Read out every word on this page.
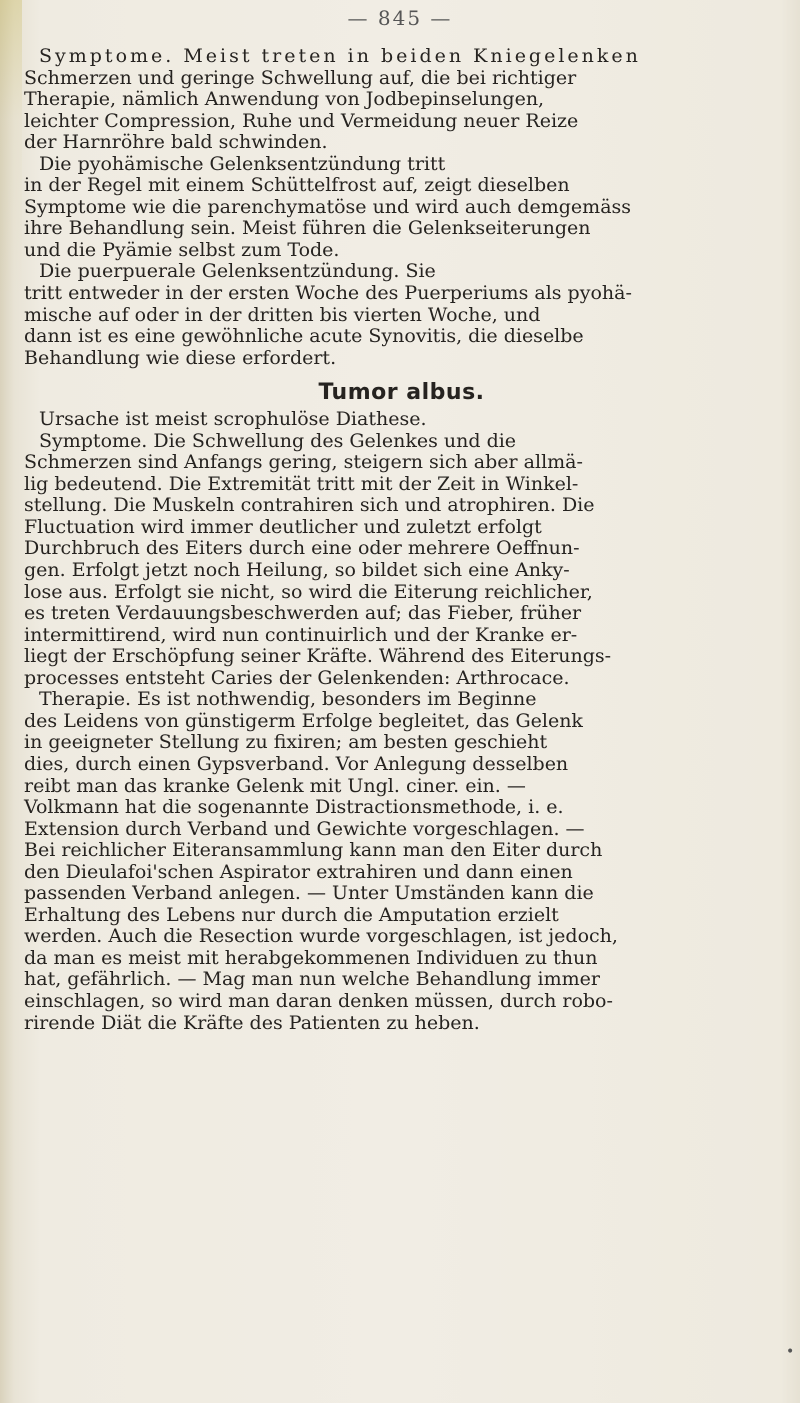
— 845 —
Symptome. Meist treten in beiden Kniegelenken
Schmerzen und geringe Schwellung auf, die bei richtiger
Therapie, nämlich Anwendung von Jodbepinselungen,
leichter Compression, Ruhe und Vermeidung neuer Reize
der Harnröhre bald schwinden.
Die pyohämische Gelenksentzündung tritt
in der Regel mit einem Schüttelfrost auf, zeigt dieselben
Symptome wie die parenchymatöse und wird auch demgemäss
ihre Behandlung sein. Meist führen die Gelenkseiterungen
und die Pyämie selbst zum Tode.
Die puerpuerale Gelenksentzündung. Sie
tritt entweder in der ersten Woche des Puerperiums als pyohä-
mische auf oder in der dritten bis vierten Woche, und
dann ist es eine gewöhnliche acute Synovitis, die dieselbe
Behandlung wie diese erfordert.
Tumor albus.
Ursache ist meist scrophulöse Diathese.
Symptome. Die Schwellung des Gelenkes und die
Schmerzen sind Anfangs gering, steigern sich aber allmä-
lig bedeutend. Die Extremität tritt mit der Zeit in Winkel-
stellung. Die Muskeln contrahiren sich und atrophiren. Die
Fluctuation wird immer deutlicher und zuletzt erfolgt
Durchbruch des Eiters durch eine oder mehrere Oeffnun-
gen. Erfolgt jetzt noch Heilung, so bildet sich eine Anky-
lose aus. Erfolgt sie nicht, so wird die Eiterung reichlicher,
es treten Verdauungsbeschwerden auf; das Fieber, früher
intermittirend, wird nun continuirlich und der Kranke er-
liegt der Erschöpfung seiner Kräfte. Während des Eiterungs-
processes entsteht Caries der Gelenkenden: Arthrocace.
Therapie. Es ist nothwendig, besonders im Beginne
des Leidens von günstigerm Erfolge begleitet, das Gelenk
in geeigneter Stellung zu fixiren; am besten geschieht
dies, durch einen Gypsverband. Vor Anlegung desselben
reibt man das kranke Gelenk mit Ungl. ciner. ein. —
Volkmann hat die sogenannte Distractionsmethode, i. e.
Extension durch Verband und Gewichte vorgeschlagen. —
Bei reichlicher Eiteransammlung kann man den Eiter durch
den Dieulafoi'schen Aspirator extrahiren und dann einen
passenden Verband anlegen. — Unter Umständen kann die
Erhaltung des Lebens nur durch die Amputation erzielt
werden. Auch die Resection wurde vorgeschlagen, ist jedoch,
da man es meist mit herabgekommenen Individuen zu thun
hat, gefährlich. — Mag man nun welche Behandlung immer
einschlagen, so wird man daran denken müssen, durch robo-
rirende Diät die Kräfte des Patienten zu heben.
•
